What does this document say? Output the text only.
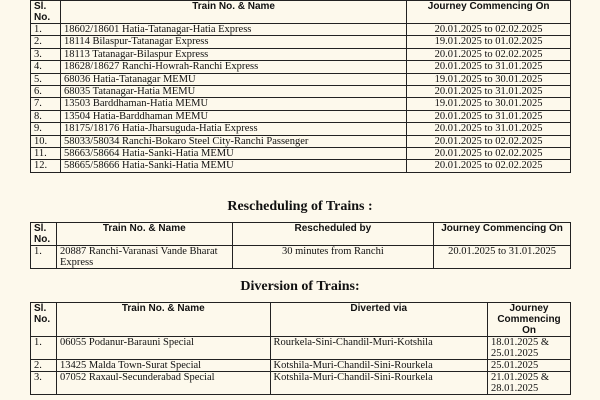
Sl. No.	Train No. & Name	Journey Commencing On
1.	18602/18601 Hatia-Tatanagar-Hatia Express	20.01.2025 to 02.02.2025
2.	18114 Bilaspur-Tatanagar Express	19.01.2025 to 01.02.2025
3.	18113 Tatanagar-Bilaspur Express	20.01.2025 to 02.02.2025
4.	18628/18627 Ranchi-Howrah-Ranchi Express	20.01.2025 to 31.01.2025
5.	68036 Hatia-Tatanagar MEMU	19.01.2025 to 30.01.2025
6.	68035 Tatanagar-Hatia MEMU	20.01.2025 to 31.01.2025
7.	13503 Barddhaman-Hatia MEMU	19.01.2025 to 30.01.2025
8.	13504 Hatia-Barddhaman MEMU	20.01.2025 to 31.01.2025
9.	18175/18176 Hatia-Jharsuguda-Hatia Express	20.01.2025 to 31.01.2025
10.	58033/58034 Ranchi-Bokaro Steel City-Ranchi Passenger	20.01.2025 to 02.02.2025
11.	58663/58664 Hatia-Sanki-Hatia MEMU	20.01.2025 to 02.02.2025
12.	58665/58666 Hatia-Sanki-Hatia MEMU	20.01.2025 to 02.02.2025
Rescheduling of Trains :
Sl. No.	Train No. & Name	Rescheduled by	Journey Commencing On
1.	20887 Ranchi-Varanasi Vande Bharat Express	30 minutes from Ranchi	20.01.2025 to 31.01.2025
Diversion of Trains:
Sl. No.	Train No. & Name	Diverted via	Journey Commencing On
1.	06055 Podanur-Barauni Special	Rourkela-Sini-Chandil-Muri-Kotshila	18.01.2025 & 25.01.2025
2.	13425 Malda Town-Surat Special	Kotshila-Muri-Chandil-Sini-Rourkela	25.01.2025
3.	07052 Raxaul-Secunderabad Special	Kotshila-Muri-Chandil-Sini-Rourkela	21.01.2025 & 28.01.2025
